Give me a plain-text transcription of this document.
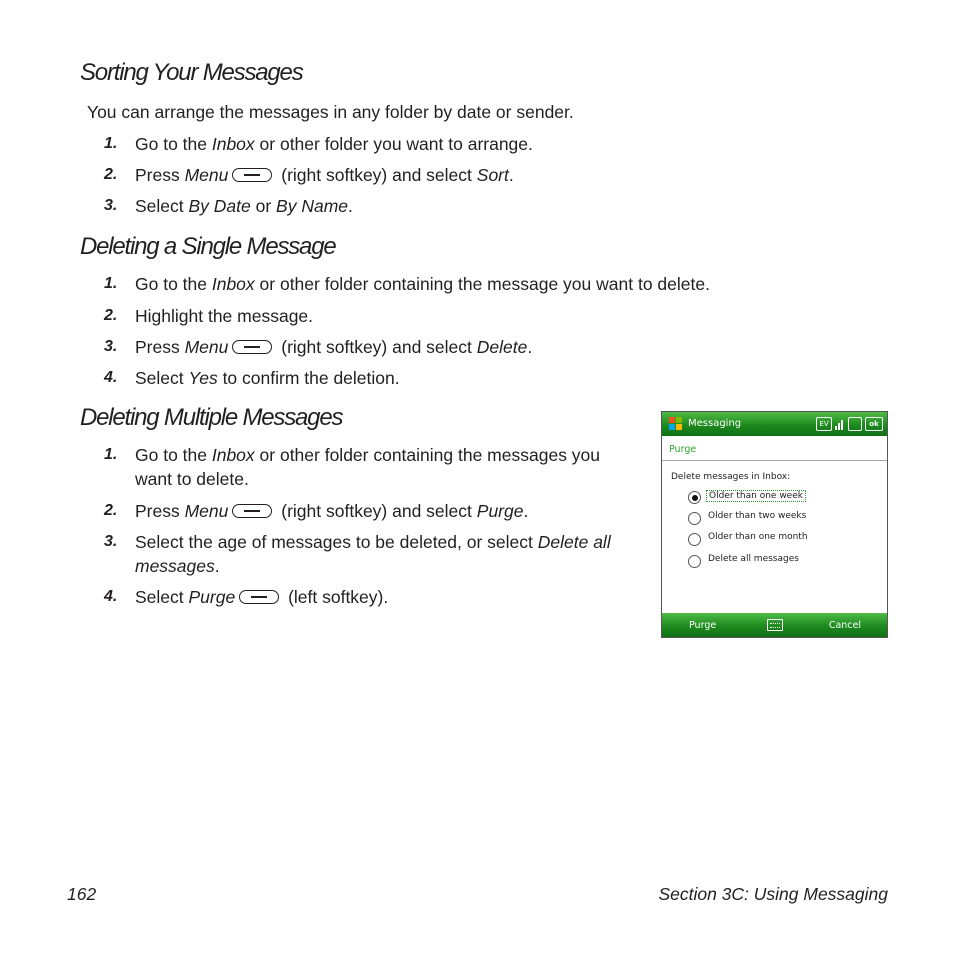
Sorting Your Messages
You can arrange the messages in any folder by date or sender.
1.	Go to the Inbox or other folder you want to arrange.
2.	Press Menu	(right softkey) and select Sort.
3.	Select By Date or By Name.
Deleting a Single Message
1.	Go to the Inbox or other folder containing the message you want to delete.
2.	Highlight the message.
3.	Press Menu	(right softkey) and select Delete.
4.	Select Yes to confirm the deletion.
Deleting Multiple Messages
1.	Go to the Inbox or other folder containing the messages you want to delete.
2.	Press Menu	(right softkey) and select Purge.
3.	Select the age of messages to be deleted, or select Delete all messages.
4.	Select Purge	(left softkey).
Messaging	EV	ok
Purge
Delete messages in Inbox:
Older than one week
Older than two weeks
Older than one month
Delete all messages
Purge	Cancel
162	Section 3C: Using Messaging
